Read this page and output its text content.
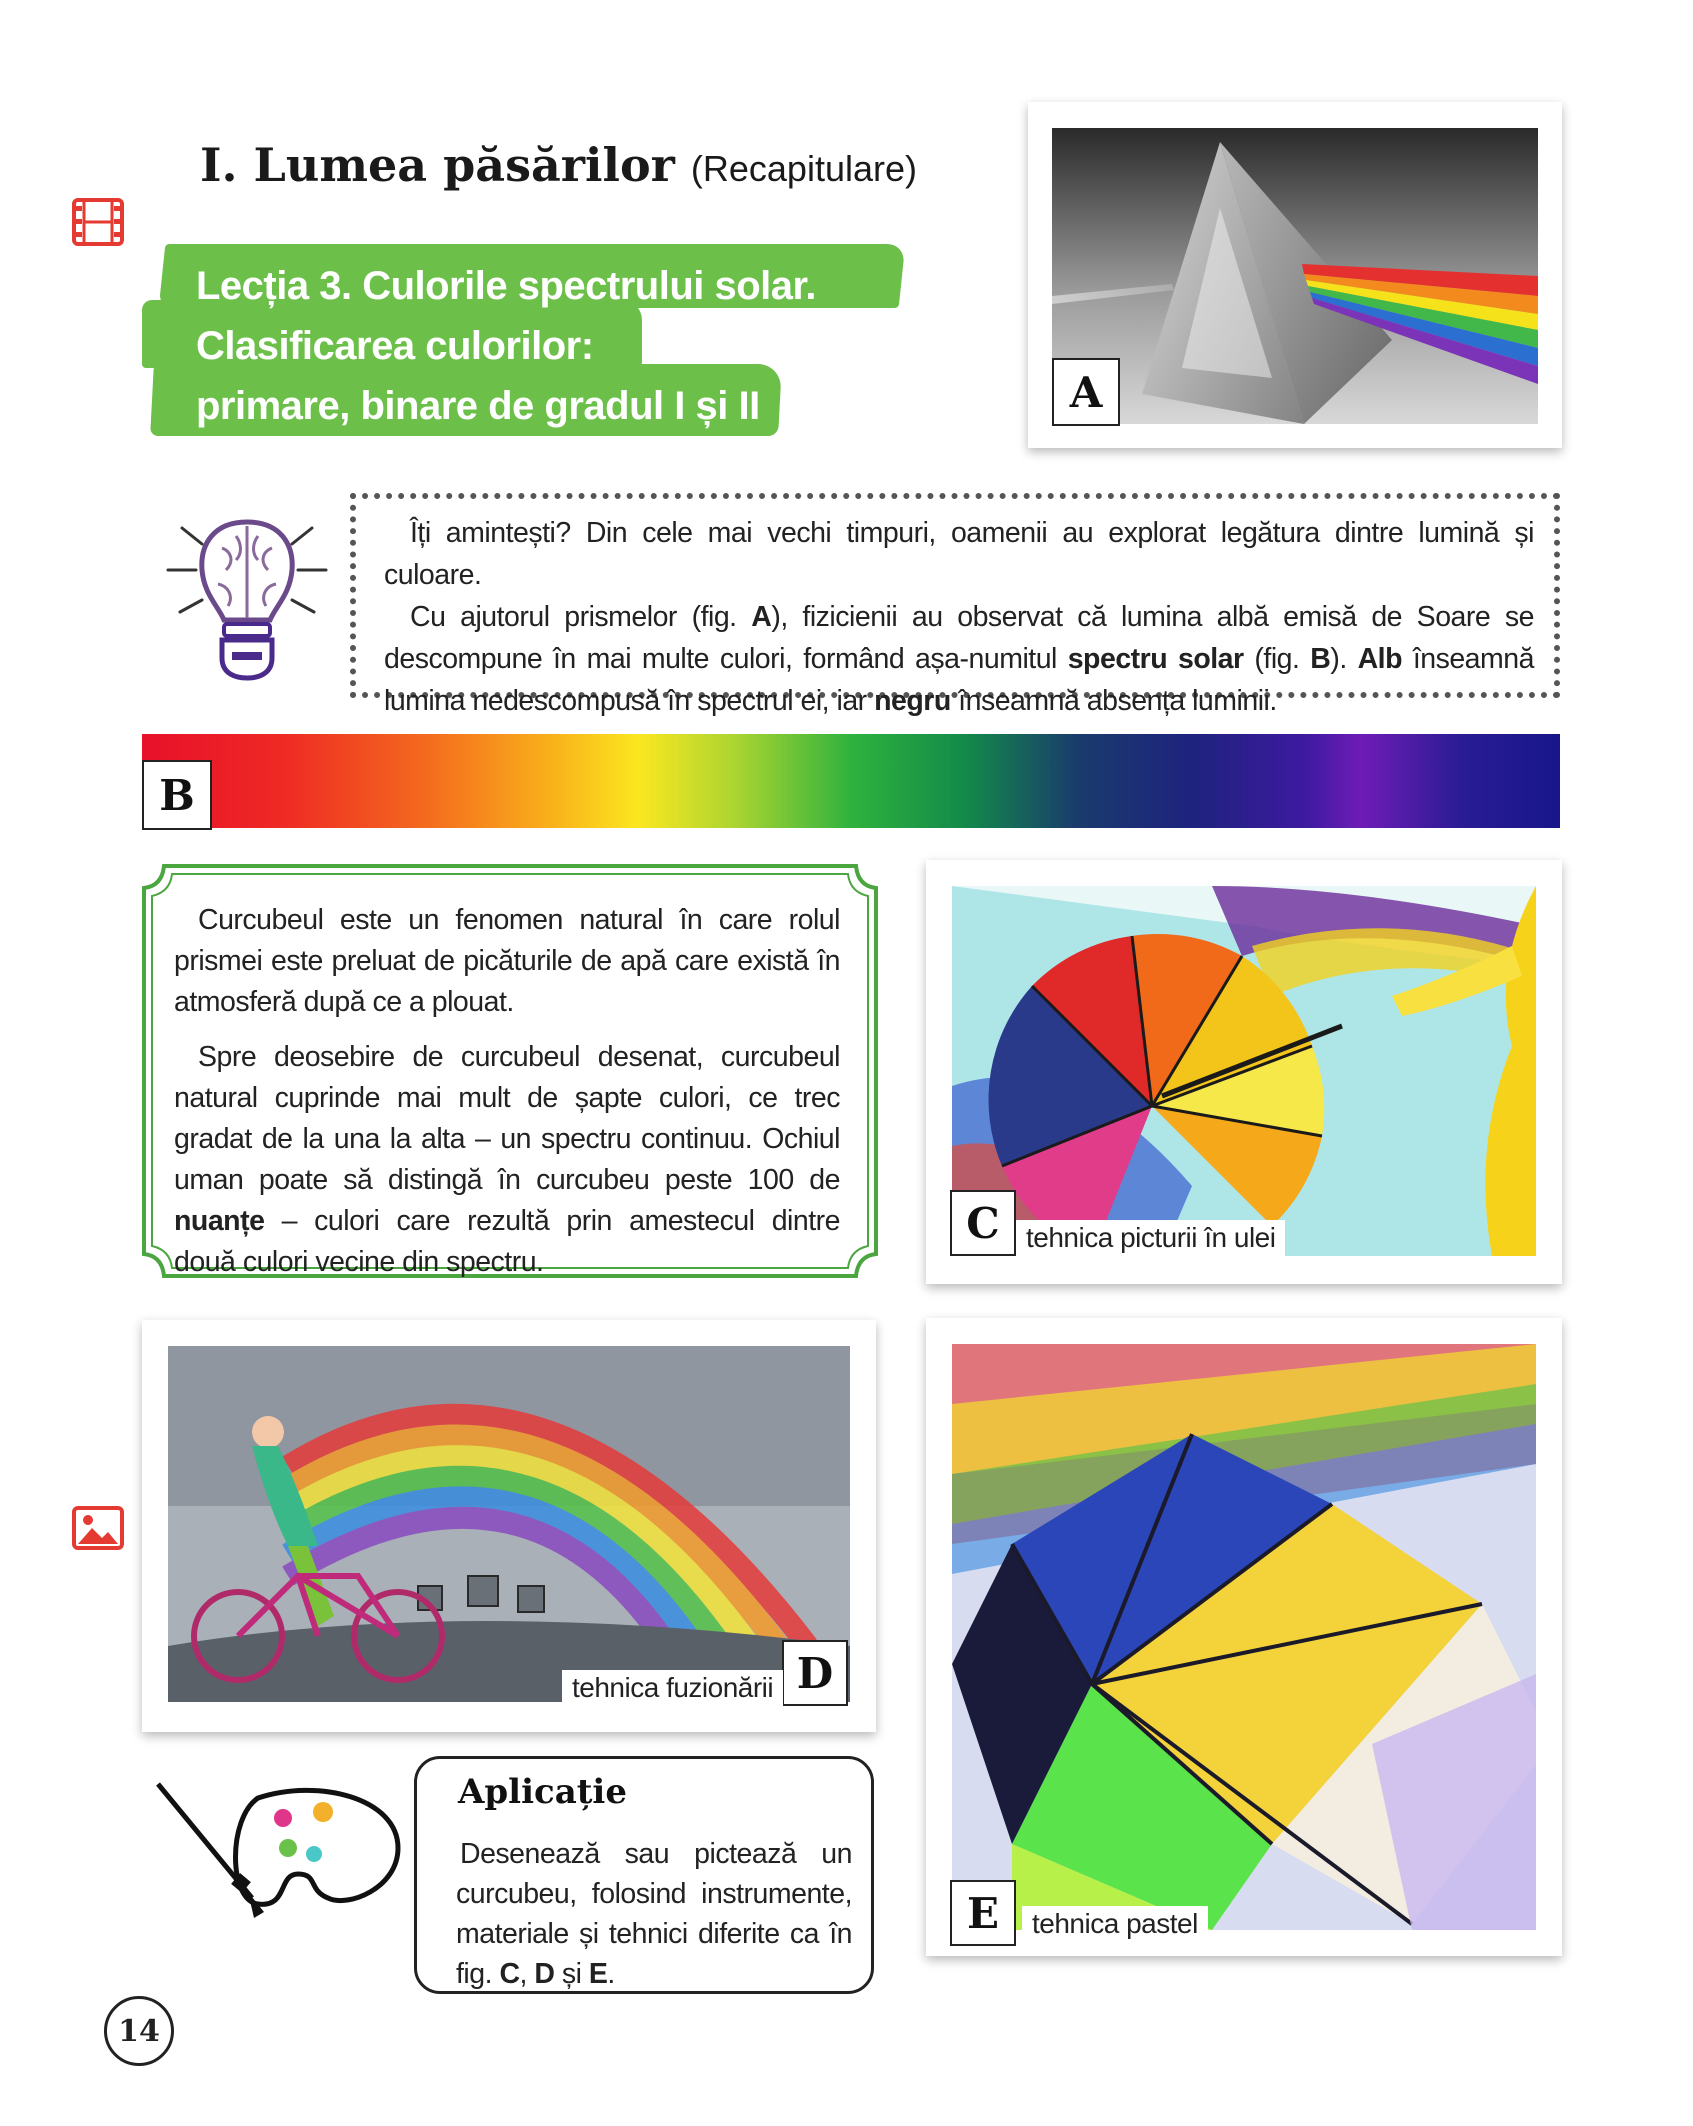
I. Lumea păsărilor (Recapitulare)
Lecția 3. Culorile spectrului solar.
Clasificarea culorilor:
primare, binare de gradul I și II	A

Îți amintești? Din cele mai vechi timpuri, oamenii au explorat legătura dintre lumină și culoare.

Cu ajutorul prismelor (fig. A), fizicienii au observat că lumina albă emisă de Soare se descompune în mai multe culori, formând așa-numitul spectru solar (fig. B). Alb înseamnă lumina nedescompusă în spectrul ei, iar negru înseamnă absența luminii.

B

Curcubeul este un fenomen natural în care rolul prismei este preluat de picăturile de apă care există în atmosferă după ce a plouat.

Spre deosebire de curcubeul desenat, curcubeul natural cuprinde mai mult de șapte culori, ce trec gradat de la una la alta – un spectru continuu. Ochiul uman poate să distingă în curcubeu peste 100 de nuanțe – culori care rezultă prin amestecul dintre două culori vecine din spectru.

C tehnica picturii în ulei
D
tehnica fuzionării
E	tehnica pastel
Aplicație
Desenează sau pictează un curcubeu, folosind instrumente, materiale și tehnici diferite ca în fig. C, D și E.
14
